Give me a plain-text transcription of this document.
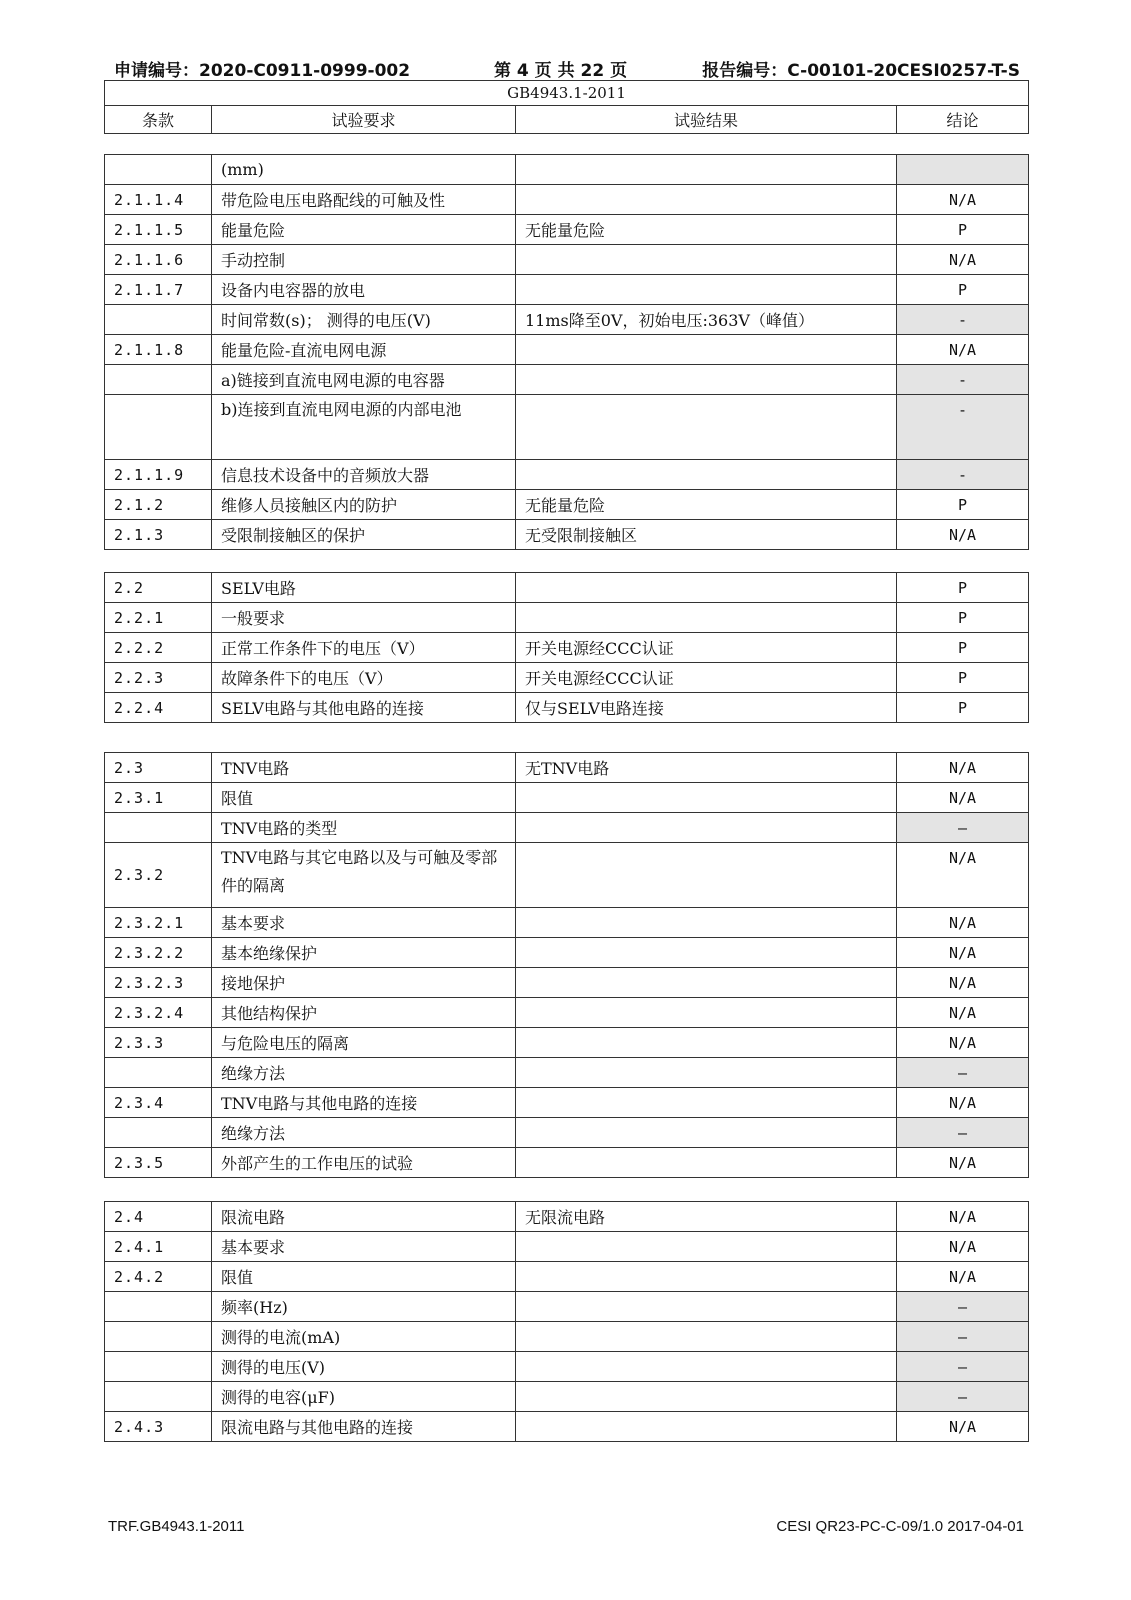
申请编号：2020-C0911-0999-002	第 4 页 共 22 页	报告编号：C-00101-20CESI0257-T-S
GB4943.1-2011
条款	试验要求	试验结果	结论
	(mm)		
2.1.1.4	带危险电压电路配线的可触及性		N/A
2.1.1.5	能量危险	无能量危险	P
2.1.1.6	手动控制		N/A
2.1.1.7	设备内电容器的放电		P
	时间常数(s)； 测得的电压(V)	11ms降至0V，初始电压:363V（峰值）	-
2.1.1.8	能量危险-直流电网电源		N/A
	a)链接到直流电网电源的电容器		-
	b)连接到直流电网电源的内部电池		-
2.1.1.9	信息技术设备中的音频放大器		-
2.1.2	维修人员接触区内的防护	无能量危险	P
2.1.3	受限制接触区的保护	无受限制接触区	N/A
2.2	SELV电路		P
2.2.1	一般要求		P
2.2.2	正常工作条件下的电压（V）	开关电源经CCC认证	P
2.2.3	故障条件下的电压（V）	开关电源经CCC认证	P
2.2.4	SELV电路与其他电路的连接	仅与SELV电路连接	P
2.3	TNV电路	无TNV电路	N/A
2.3.1	限值		N/A
	TNV电路的类型		—
2.3.2	TNV电路与其它电路以及与可触及零部件的隔离		N/A
2.3.2.1	基本要求		N/A
2.3.2.2	基本绝缘保护		N/A
2.3.2.3	接地保护		N/A
2.3.2.4	其他结构保护		N/A
2.3.3	与危险电压的隔离		N/A
	绝缘方法		—
2.3.4	TNV电路与其他电路的连接		N/A
	绝缘方法		—
2.3.5	外部产生的工作电压的试验		N/A
2.4	限流电路	无限流电路	N/A
2.4.1	基本要求		N/A
2.4.2	限值		N/A
	频率(Hz)		—
	测得的电流(mA)		—
	测得的电压(V)		—
	测得的电容(μF)		—
2.4.3	限流电路与其他电路的连接		N/A
TRF.GB4943.1-2011	CESI QR23-PC-C-09/1.0 2017-04-01
